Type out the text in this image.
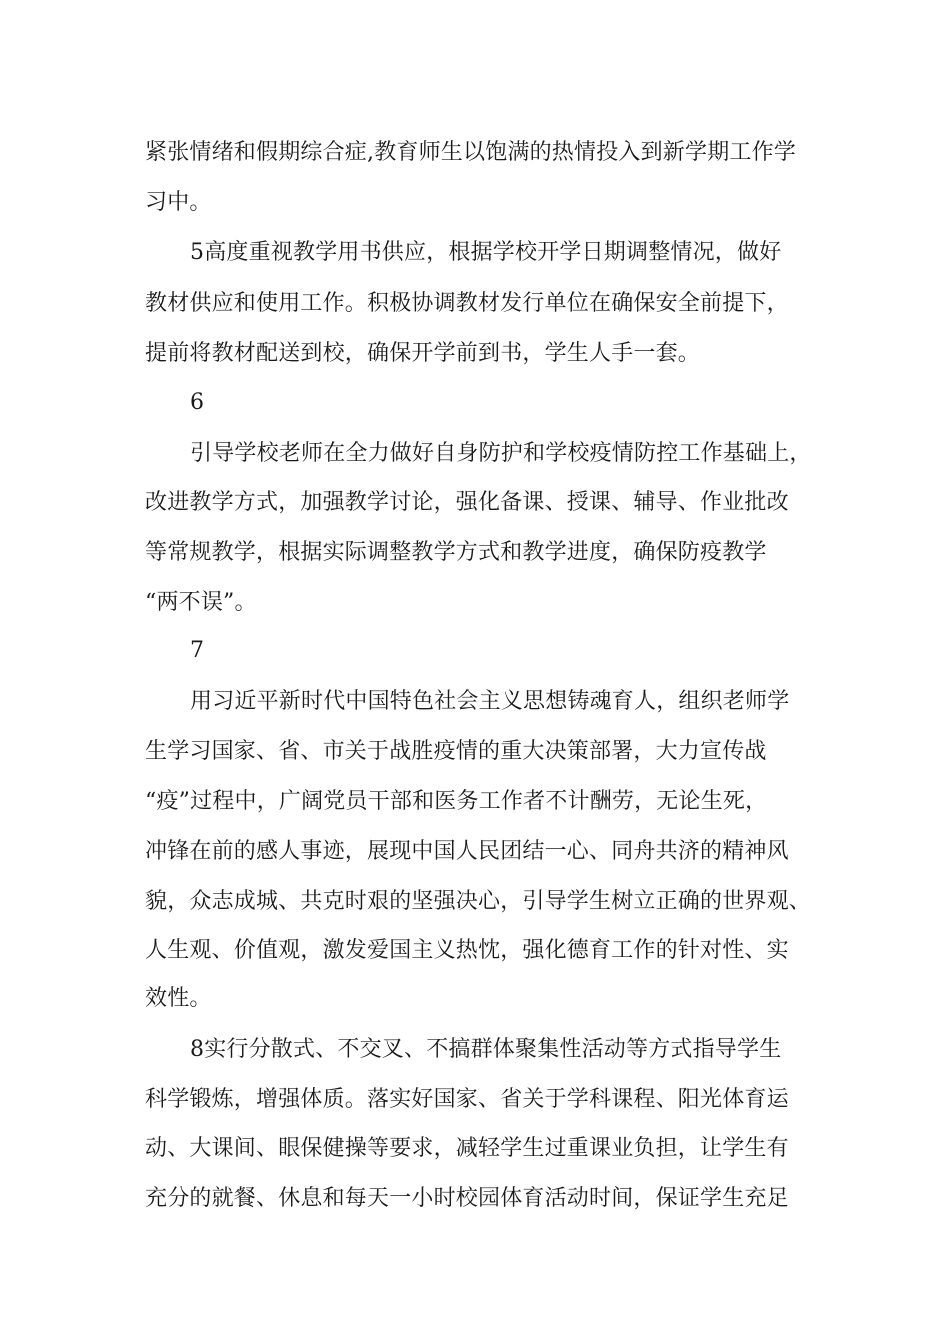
紧张情绪和假期综合症,教育师生以饱满的热情投入到新学期工作学
习中。
5高度重视教学用书供应，根据学校开学日期调整情况，做好
教材供应和使用工作。积极协调教材发行单位在确保安全前提下，
提前将教材配送到校，确保开学前到书，学生人手一套。
6
引导学校老师在全力做好自身防护和学校疫情防控工作基础上，
改进教学方式，加强教学讨论，强化备课、授课、辅导、作业批改
等常规教学，根据实际调整教学方式和教学进度，确保防疫教学
“两不误”。
7
用习近平新时代中国特色社会主义思想铸魂育人，组织老师学
生学习国家、省、市关于战胜疫情的重大决策部署，大力宣传战
“疫”过程中，广阔党员干部和医务工作者不计酬劳，无论生死，
冲锋在前的感人事迹，展现中国人民团结一心、同舟共济的精神风
貌，众志成城、共克时艰的坚强决心，引导学生树立正确的世界观、
人生观、价值观，激发爱国主义热忱，强化德育工作的针对性、实
效性。
8实行分散式、不交叉、不搞群体聚集性活动等方式指导学生
科学锻炼，增强体质。落实好国家、省关于学科课程、阳光体育运
动、大课间、眼保健操等要求，减轻学生过重课业负担，让学生有
充分的就餐、休息和每天一小时校园体育活动时间，保证学生充足
